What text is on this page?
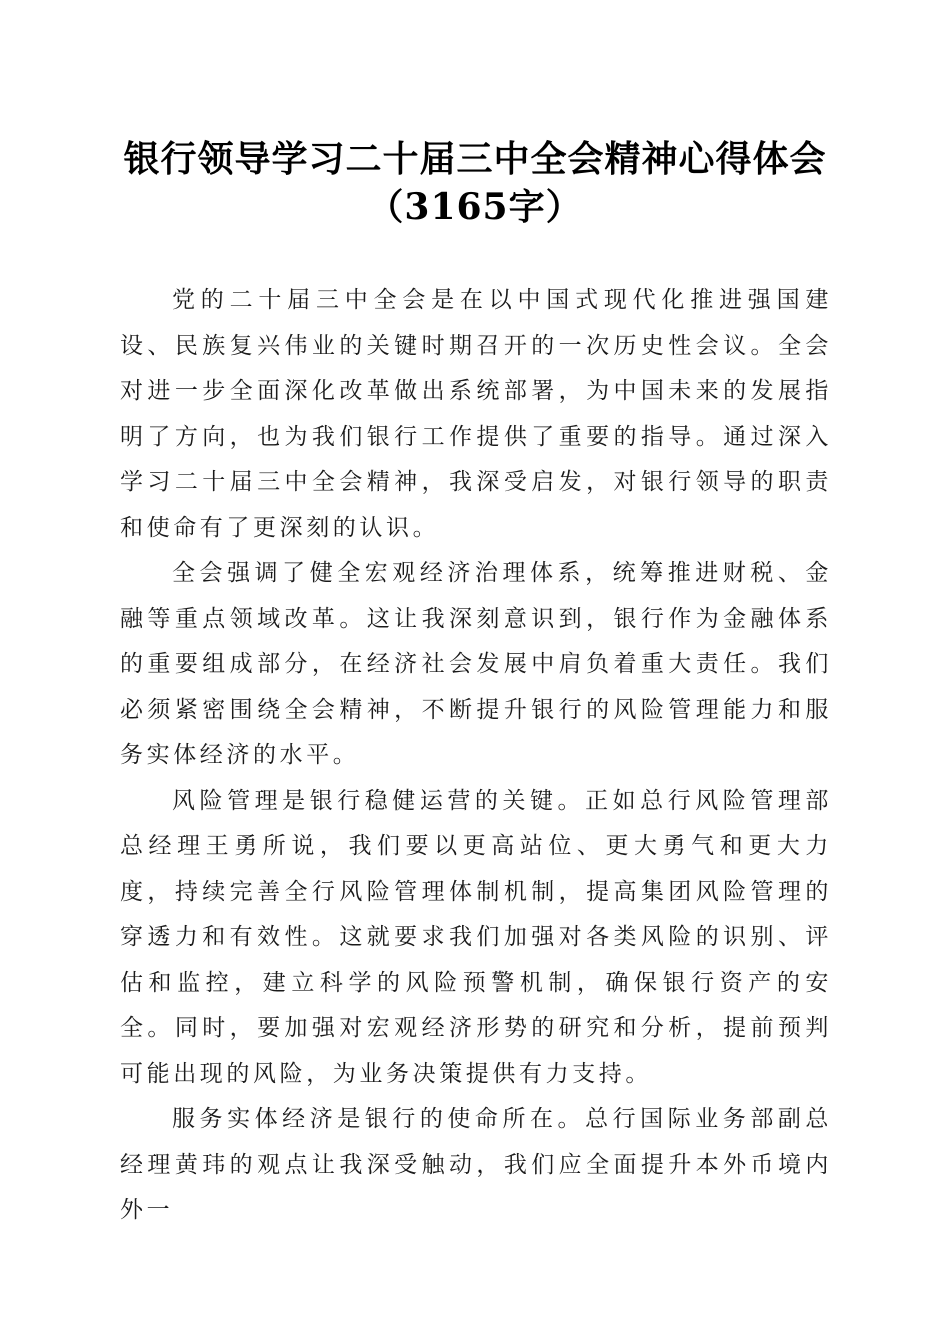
银行领导学习二十届三中全会精神心得体会
（3165字）

党的二十届三中全会是在以中国式现代化推进强国建设、民族复兴伟业的关键时期召开的一次历史性会议。全会对进一步全面深化改革做出系统部署，为中国未来的发展指明了方向，也为我们银行工作提供了重要的指导。通过深入学习二十届三中全会精神，我深受启发，对银行领导的职责和使命有了更深刻的认识。

全会强调了健全宏观经济治理体系，统筹推进财税、金融等重点领域改革。这让我深刻意识到，银行作为金融体系的重要组成部分，在经济社会发展中肩负着重大责任。我们必须紧密围绕全会精神，不断提升银行的风险管理能力和服务实体经济的水平。

风险管理是银行稳健运营的关键。正如总行风险管理部总经理王勇所说，我们要以更高站位、更大勇气和更大力度，持续完善全行风险管理体制机制，提高集团风险管理的穿透力和有效性。这就要求我们加强对各类风险的识别、评估和监控，建立科学的风险预警机制，确保银行资产的安全。同时，要加强对宏观经济形势的研究和分析，提前预判可能出现的风险，为业务决策提供有力支持。

服务实体经济是银行的使命所在。总行国际业务部副总经理黄玮的观点让我深受触动，我们应全面提升本外币境内外一
